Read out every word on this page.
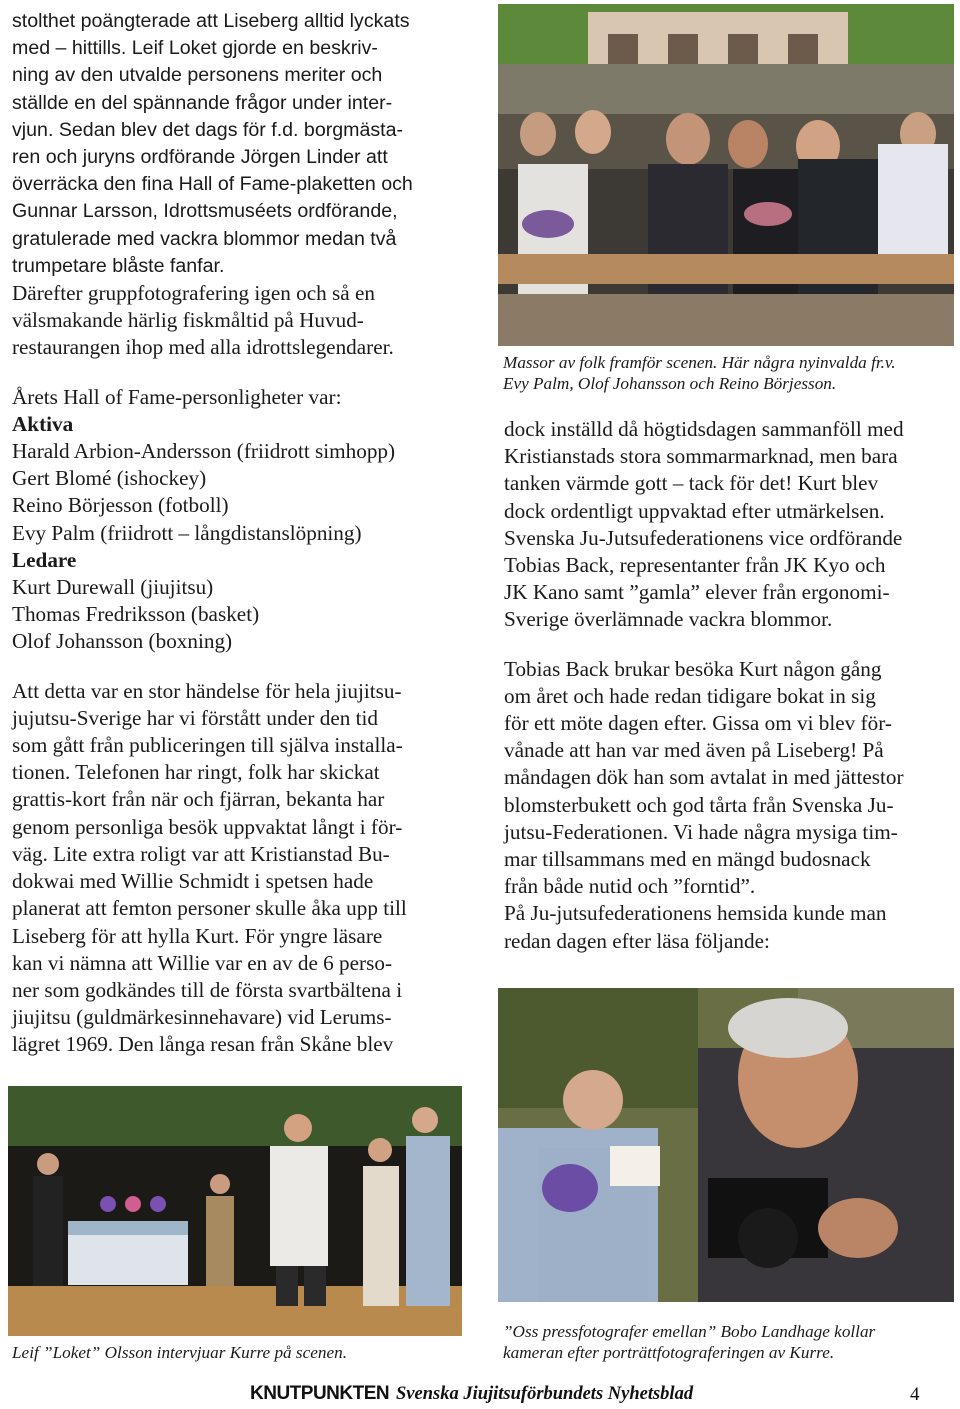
stolthet poängterade att Liseberg alltid lyckats
med – hittills. Leif Loket gjorde en beskriv-
ning av den utvalde personens meriter och
ställde en del spännande frågor under inter-
vjun. Sedan blev det dags för f.d. borgmästa-
ren och juryns ordförande Jörgen Linder att
överräcka den fina Hall of Fame-plaketten och
Gunnar Larsson, Idrottsmuséets ordförande,
gratulerade med vackra blommor medan två
trumpetare blåste fanfar.
Därefter gruppfotografering igen och så en
välsmakande härlig fiskmåltid på Huvud-
restaurangen ihop med alla idrottslegendarer.
Årets Hall of Fame-personligheter var:
Aktiva
Harald Arbion-Andersson (friidrott simhopp)
Gert Blomé (ishockey)
Reino Börjesson (fotboll)
Evy Palm (friidrott – långdistanslöpning)
Ledare
Kurt Durewall (jiujitsu)
Thomas Fredriksson (basket)
Olof Johansson (boxning)
Att detta var en stor händelse för hela jiujitsu-
jujutsu-Sverige har vi förstått under den tid
som gått från publiceringen till själva installa-
tionen. Telefonen har ringt, folk har skickat
grattis-kort från när och fjärran, bekanta har
genom personliga besök uppvaktat långt i för-
väg. Lite extra roligt var att Kristianstad Bu-
dokwai med Willie Schmidt i spetsen hade
planerat att femton personer skulle åka upp till
Liseberg för att hylla Kurt. För yngre läsare
kan vi nämna att Willie var en av de 6 perso-
ner som godkändes till de första svartbältena i
jiujitsu (guldmärkesinnehavare) vid Lerums-
lägret 1969. Den långa resan från Skåne blev
Massor av folk framför scenen. Här några nyinvalda fr.v.
Evy Palm, Olof Johansson och Reino Börjesson.
dock inställd då högtidsdagen sammanföll med
Kristianstads stora sommarmarknad, men bara
tanken värmde gott – tack för det! Kurt blev
dock ordentligt uppvaktad efter utmärkelsen.
Svenska Ju-Jutsufederationens vice ordförande
Tobias Back, representanter från JK Kyo och
JK Kano samt ”gamla” elever från ergonomi-
Sverige överlämnade vackra blommor.
Tobias Back brukar besöka Kurt någon gång
om året och hade redan tidigare bokat in sig
för ett möte dagen efter. Gissa om vi blev för-
vånade att han var med även på Liseberg! På
måndagen dök han som avtalat in med jättestor
blomsterbukett och god tårta från Svenska Ju-
jutsu-Federationen. Vi hade några mysiga tim-
mar tillsammans med en mängd budosnack
från både nutid och ”forntid”.
På Ju-jutsufederationens hemsida kunde man
redan dagen efter läsa följande:
Leif ”Loket” Olsson intervjuar Kurre på scenen.
”Oss pressfotografer emellan” Bobo Landhage kollar
kameran efter porträttfotograferingen av Kurre.
KNUTPUNKTEN Svenska Jiujitsuförbundets Nyhetsblad	4
